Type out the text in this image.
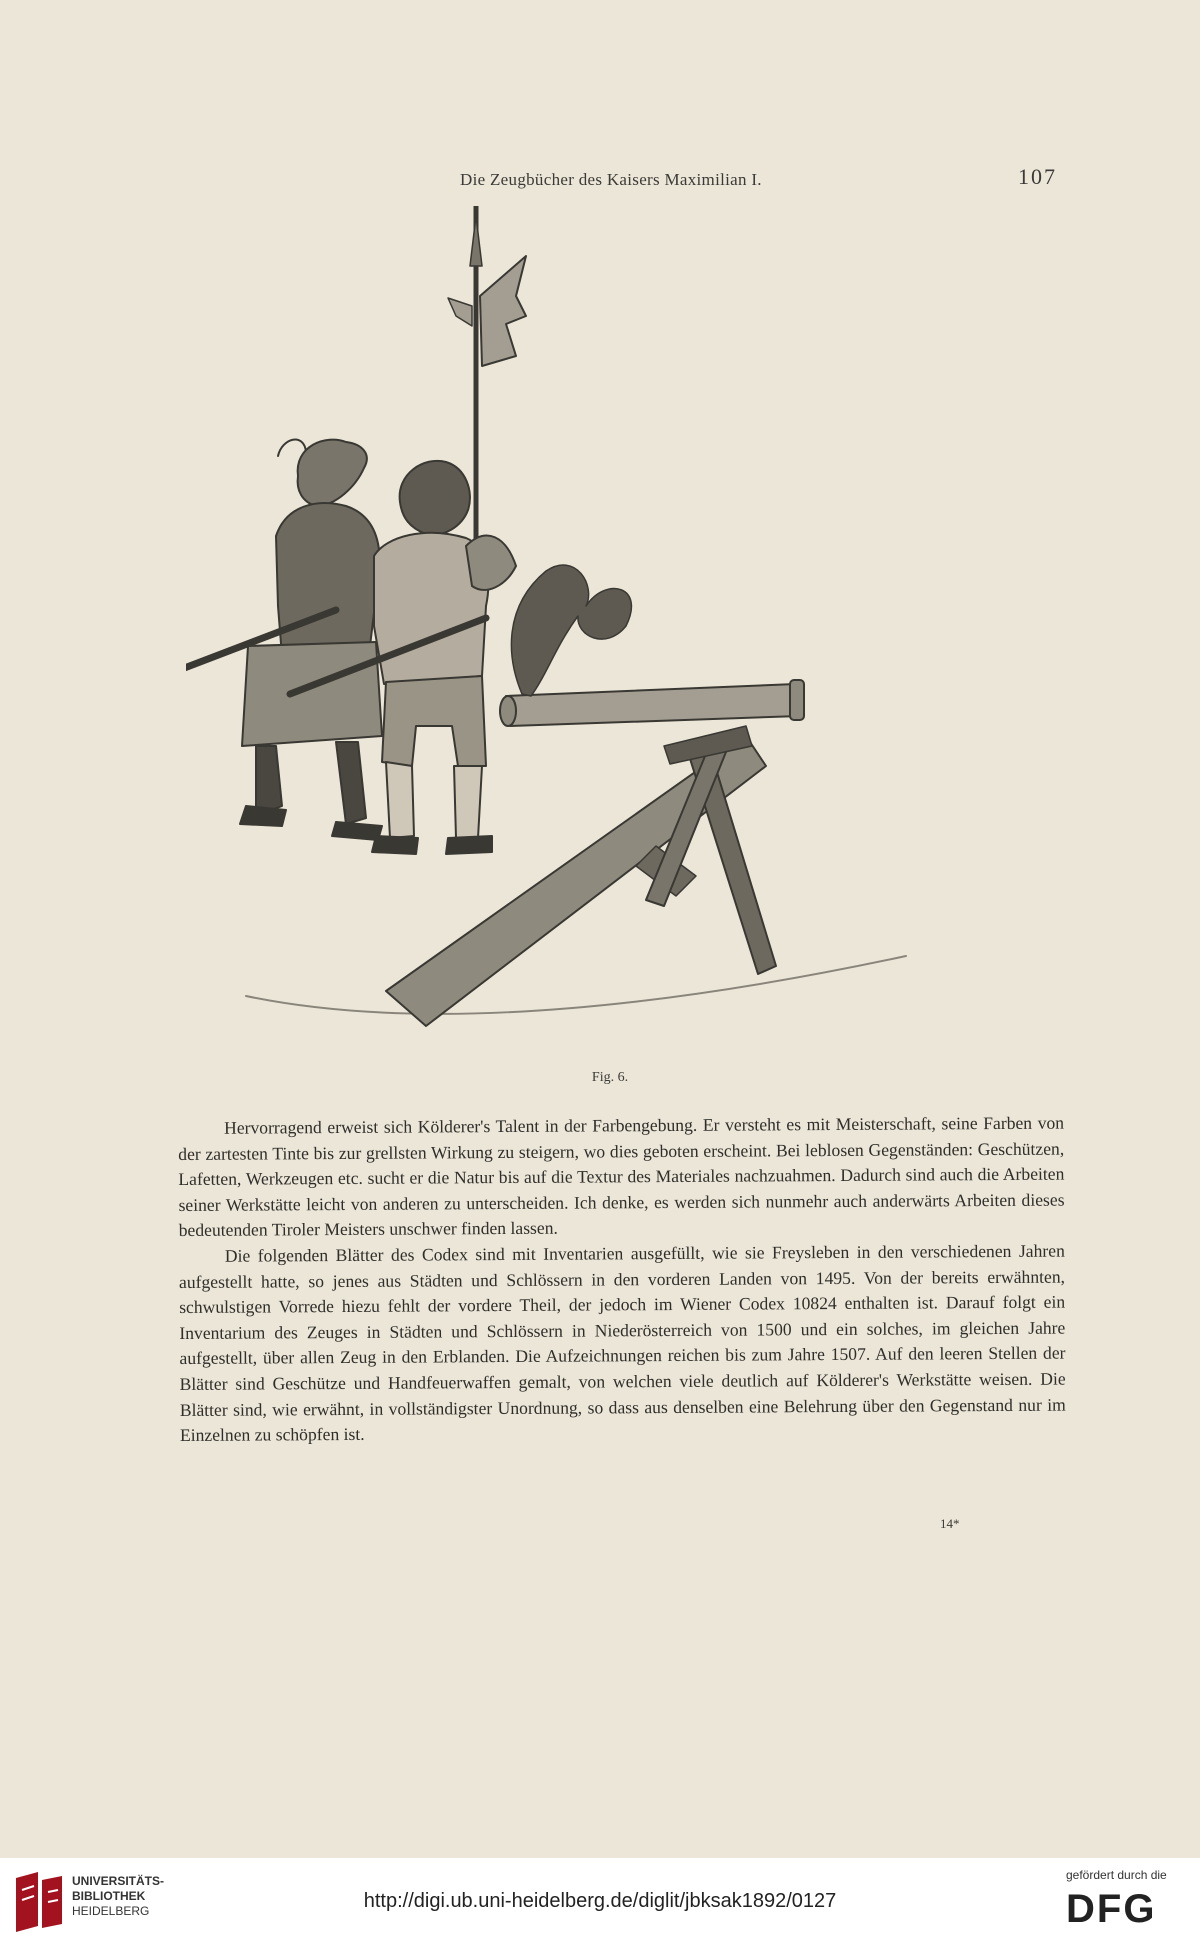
Die Zeugbücher des Kaisers Maximilian I.	107
Fig. 6.

Hervorragend erweist sich Kölderer's Talent in der Farbengebung. Er versteht es mit Meisterschaft, seine Farben von der zartesten Tinte bis zur grellsten Wirkung zu steigern, wo dies geboten erscheint. Bei leblosen Gegenständen: Geschützen, Lafetten, Werkzeugen etc. sucht er die Natur bis auf die Textur des Materiales nachzuahmen. Dadurch sind auch die Arbeiten seiner Werkstätte leicht von anderen zu unterscheiden. Ich denke, es werden sich nunmehr auch anderwärts Arbeiten dieses bedeutenden Tiroler Meisters unschwer finden lassen.

Die folgenden Blätter des Codex sind mit Inventarien ausgefüllt, wie sie Freysleben in den verschiedenen Jahren aufgestellt hatte, so jenes aus Städten und Schlössern in den vorderen Landen von 1495. Von der bereits erwähnten, schwulstigen Vorrede hiezu fehlt der vordere Theil, der jedoch im Wiener Codex 10824 enthalten ist. Darauf folgt ein Inventarium des Zeuges in Städten und Schlössern in Niederösterreich von 1500 und ein solches, im gleichen Jahre aufgestellt, über allen Zeug in den Erblanden. Die Aufzeichnungen reichen bis zum Jahre 1507. Auf den leeren Stellen der Blätter sind Geschütze und Handfeuerwaffen gemalt, von welchen viele deutlich auf Kölderer's Werkstätte weisen. Die Blätter sind, wie erwähnt, in vollständigster Unordnung, so dass aus denselben eine Belehrung über den Gegenstand nur im Einzelnen zu schöpfen ist.

14*
UNIVERSITÄTS-
BIBLIOTHEK
HEIDELBERG	http://digi.ub.uni-heidelberg.de/diglit/jbksak1892/0127
gefördert durch die
DFG
